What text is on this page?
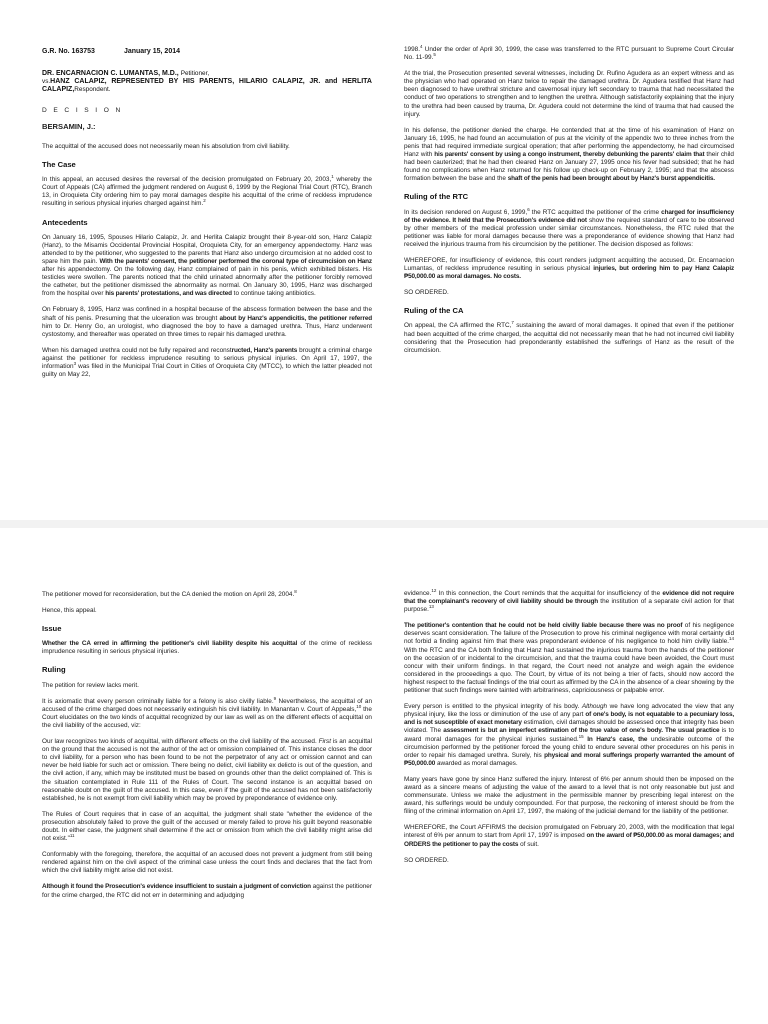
G.R. No. 163753	January 15, 2014
DR. ENCARNACION C. LUMANTAS, M.D., Petitioner,
vs.HANZ CALAPIZ, REPRESENTED BY HIS PARENTS, HILARIO CALAPIZ, JR. and HERLITA CALAPIZ,Respondent.
D E C I S I O N
BERSAMIN, J.:

The acquittal of the accused does not necessarily mean his absolution from civil liability.

The Case

In this appeal, an accused desires the reversal of the decision promulgated on February 20, 2003,$^1$ whereby the Court of Appeals (CA) affirmed the judgment rendered on August 6, 1999 by the Regional Trial Court (RTC), Branch 13, in Oroquieta City ordering him to pay moral damages despite his acquittal of the crime of reckless imprudence resulting in serious physical injuries charged against him.$^2$

Antecedents

On January 16, 1995, Spouses Hilario Calapiz, Jr. and Herlita Calapiz brought their 8-year-old son, Hanz Calapiz (Hanz), to the Misamis Occidental Provincial Hospital, Oroquieta City, for an emergency appendectomy. Hanz was attended to by the petitioner, who suggested to the parents that Hanz also undergo circumcision at no added cost to spare him the pain. With the parents' consent, the petitioner performed the coronal type of circumcision on Hanz after his appendectomy. On the following day, Hanz complained of pain in his penis, which exhibited blisters. His testicles were swollen. The parents noticed that the child urinated abnormally after the petitioner forcibly removed the catheter, but the petitioner dismissed the abnormality as normal. On January 30, 1995, Hanz was discharged from the hospital over his parents' protestations, and was directed to continue taking antibiotics.

On February 8, 1995, Hanz was confined in a hospital because of the abscess formation between the base and the shaft of his penis. Presuming that the ulceration was brought about by Hanz's appendicitis, the petitioner referred him to Dr. Henry Go, an urologist, who diagnosed the boy to have a damaged urethra. Thus, Hanz underwent cystostomy, and thereafter was operated on three times to repair his damaged urethra.

When his damaged urethra could not be fully repaired and reconstructed, Hanz's parents brought a criminal charge against the petitioner for reckless imprudence resulting to serious physical injuries. On April 17, 1997, the information$^3$ was filed in the Municipal Trial Court in Cities of Oroquieta City (MTCC), to which the latter pleaded not guilty on May 22,

1998.$^4$ Under the order of April 30, 1999, the case was transferred to the RTC pursuant to Supreme Court Circular No. 11-99.$^5$

At the trial, the Prosecution presented several witnesses, including Dr. Rufino Agudera as an expert witness and as the physician who had operated on Hanz twice to repair the damaged urethra. Dr. Agudera testified that Hanz had been diagnosed to have urethral stricture and cavernosal injury left secondary to trauma that had necessitated the conduct of two operations to strengthen and to lengthen the urethra. Although satisfactorily explaining that the injury to the urethra had been caused by trauma, Dr. Agudera could not determine the kind of trauma that had caused the injury.

In his defense, the petitioner denied the charge. He contended that at the time of his examination of Hanz on January 16, 1995, he had found an accumulation of pus at the vicinity of the appendix two to three inches from the penis that had required immediate surgical operation; that after performing the appendectomy, he had circumcised Hanz with his parents' consent by using a congo instrument, thereby debunking the parents' claim that their child had been cauterized; that he had then cleared Hanz on January 27, 1995 once his fever had subsided; that he had found no complications when Hanz returned for his follow up check-up on February 2, 1995; and that the abscess formation between the base and the shaft of the penis had been brought about by Hanz's burst appendicitis.

Ruling of the RTC

In its decision rendered on August 6, 1999,$^6$ the RTC acquitted the petitioner of the crime charged for insufficiency of the evidence. It held that the Prosecution's evidence did not show the required standard of care to be observed by other members of the medical profession under similar circumstances. Nonetheless, the RTC ruled that the petitioner was liable for moral damages because there was a preponderance of evidence showing that Hanz had received the injurious trauma from his circumcision by the petitioner. The decision disposed as follows:

WHEREFORE, for insufficiency of evidence, this court renders judgment acquitting the accused, Dr. Encarnacion Lumantas, of reckless imprudence resulting in serious physical injuries, but ordering him to pay Hanz Calapiz ₱50,000.00 as moral damages. No costs.

SO ORDERED.

Ruling of the CA

On appeal, the CA affirmed the RTC,$^7$ sustaining the award of moral damages. It opined that even if the petitioner had been acquitted of the crime charged, the acquittal did not necessarily mean that he had not incurred civil liability considering that the Prosecution had preponderantly established the sufferings of Hanz as the result of the circumcision.

The petitioner moved for reconsideration, but the CA denied the motion on April 28, 2004.$^8$

Hence, this appeal.

Issue

Whether the CA erred in affirming the petitioner's civil liability despite his acquittal of the crime of reckless imprudence resulting in serious physical injuries.

Ruling

The petition for review lacks merit.

It is axiomatic that every person criminally liable for a felony is also civilly liable.$^9$ Nevertheless, the acquittal of an accused of the crime charged does not necessarily extinguish his civil liability. In Manantan v. Court of Appeals,$^{10}$ the Court elucidates on the two kinds of acquittal recognized by our law as well as on the different effects of acquittal on the civil liability of the accused, viz:

Our law recognizes two kinds of acquittal, with different effects on the civil liability of the accused. First is an acquittal on the ground that the accused is not the author of the act or omission complained of. This instance closes the door to civil liability, for a person who has been found to be not the perpetrator of any act or omission cannot and can never be held liable for such act or omission. There being no delict, civil liability ex delicto is out of the question, and the civil action, if any, which may be instituted must be based on grounds other than the delict complained of. This is the situation contemplated in Rule 111 of the Rules of Court. The second instance is an acquittal based on reasonable doubt on the guilt of the accused. In this case, even if the guilt of the accused has not been satisfactorily established, he is not exempt from civil liability which may be proved by preponderance of evidence only.

The Rules of Court requires that in case of an acquittal, the judgment shall state "whether the evidence of the prosecution absolutely failed to prove the guilt of the accused or merely failed to prove his guilt beyond reasonable doubt. In either case, the judgment shall determine if the act or omission from which the civil liability might arise did not exist."$^{11}$

Conformably with the foregoing, therefore, the acquittal of an accused does not prevent a judgment from still being rendered against him on the civil aspect of the criminal case unless the court finds and declares that the fact from which the civil liability might arise did not exist.

Although it found the Prosecution's evidence insufficient to sustain a judgment of conviction against the petitioner for the crime charged, the RTC did not err in determining and adjudging

evidence.$^{12}$ In this connection, the Court reminds that the acquittal for insufficiency of the evidence did not require that the complainant's recovery of civil liability should be through the institution of a separate civil action for that purpose.$^{13}$

The petitioner's contention that he could not be held civilly liable because there was no proof of his negligence deserves scant consideration. The failure of the Prosecution to prove his criminal negligence with moral certainty did not forbid a finding against him that there was preponderant evidence of his negligence to hold him civilly liable.$^{14}$ With the RTC and the CA both finding that Hanz had sustained the injurious trauma from the hands of the petitioner on the occasion of or incidental to the circumcision, and that the trauma could have been avoided, the Court must concur with their uniform findings. In that regard, the Court need not analyze and weigh again the evidence considered in the proceedings a quo. The Court, by virtue of its not being a trier of facts, should now accord the highest respect to the factual findings of the trial court as affirmed by the CA in the absence of a clear showing by the petitioner that such findings were tainted with arbitrariness, capriciousness or palpable error.

Every person is entitled to the physical integrity of his body. Although we have long advocated the view that any physical injury, like the loss or diminution of the use of any part of one's body, is not equatable to a pecuniary loss, and is not susceptible of exact monetary estimation, civil damages should be assessed once that integrity has been violated. The assessment is but an imperfect estimation of the true value of one's body. The usual practice is to award moral damages for the physical injuries sustained.$^{15}$ In Hanz's case, the undesirable outcome of the circumcision performed by the petitioner forced the young child to endure several other procedures on his penis in order to repair his damaged urethra. Surely, his physical and moral sufferings properly warranted the amount of ₱50,000.00 awarded as moral damages.

Many years have gone by since Hanz suffered the injury. Interest of 6% per annum should then be imposed on the award as a sincere means of adjusting the value of the award to a level that is not only reasonable but just and commensurate. Unless we make the adjustment in the permissible manner by prescribing legal interest on the award, his sufferings would be unduly compounded. For that purpose, the reckoning of interest should be from the filing of the criminal information on April 17, 1997, the making of the judicial demand for the liability of the petitioner.

WHEREFORE, the Court AFFIRMS the decision promulgated on February 20, 2003, with the modification that legal interest of 6% per annum to start from April 17, 1997 is imposed on the award of ₱50,000.00 as moral damages; and ORDERS the petitioner to pay the costs of suit.

SO ORDERED.
